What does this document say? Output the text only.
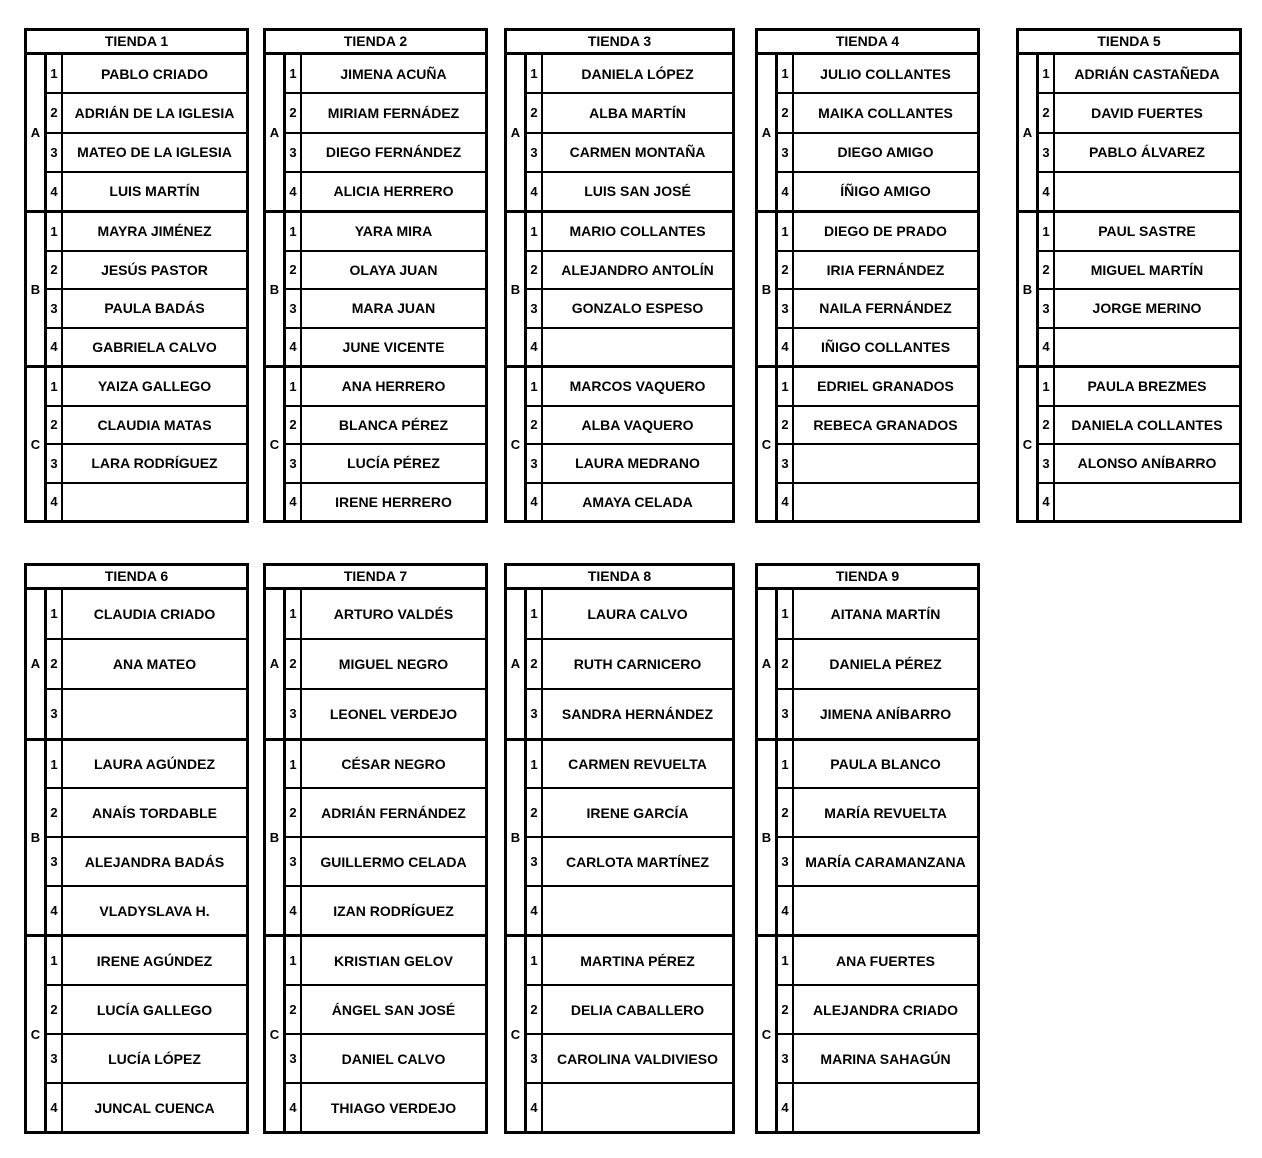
TIENDA 1
A
1	PABLO CRIADO
2	ADRIÁN DE LA IGLESIA
3	MATEO DE LA IGLESIA
4	LUIS MARTÍN
B
1	MAYRA JIMÉNEZ
2	JESÚS PASTOR
3	PAULA BADÁS
4	GABRIELA CALVO
C
1	YAIZA GALLEGO
2	CLAUDIA MATAS
3	LARA RODRÍGUEZ
4
TIENDA 2
A
1	JIMENA ACUÑA
2	MIRIAM FERNÁDEZ
3	DIEGO FERNÁNDEZ
4	ALICIA HERRERO
B
1	YARA MIRA
2	OLAYA JUAN
3	MARA JUAN
4	JUNE VICENTE
C
1	ANA HERRERO
2	BLANCA PÉREZ
3	LUCÍA PÉREZ
4	IRENE HERRERO
TIENDA 3
A
1	DANIELA LÓPEZ
2	ALBA MARTÍN
3	CARMEN MONTAÑA
4	LUIS SAN JOSÉ
B
1	MARIO COLLANTES
2	ALEJANDRO ANTOLÍN
3	GONZALO ESPESO
4
C
1	MARCOS VAQUERO
2	ALBA VAQUERO
3	LAURA MEDRANO
4	AMAYA CELADA
TIENDA 4
A
1	JULIO COLLANTES
2	MAIKA COLLANTES
3	DIEGO AMIGO
4	ÍÑIGO AMIGO
B
1	DIEGO DE PRADO
2	IRIA FERNÁNDEZ
3	NAILA FERNÁNDEZ
4	IÑIGO COLLANTES
C
1	EDRIEL GRANADOS
2	REBECA GRANADOS
3
4
TIENDA 5
A
1	ADRIÁN CASTAÑEDA
2	DAVID FUERTES
3	PABLO ÁLVAREZ
4
B
1	PAUL SASTRE
2	MIGUEL MARTÍN
3	JORGE MERINO
4
C
1	PAULA BREZMES
2	DANIELA COLLANTES
3	ALONSO ANÍBARRO
4
TIENDA 6
A
1	CLAUDIA CRIADO
2	ANA MATEO
3
B
1	LAURA AGÚNDEZ
2	ANAÍS TORDABLE
3	ALEJANDRA BADÁS
4	VLADYSLAVA H.
C
1	IRENE AGÚNDEZ
2	LUCÍA GALLEGO
3	LUCÍA LÓPEZ
4	JUNCAL CUENCA
TIENDA 7
A
1	ARTURO VALDÉS
2	MIGUEL NEGRO
3	LEONEL VERDEJO
B
1	CÉSAR NEGRO
2	ADRIÁN FERNÁNDEZ
3	GUILLERMO CELADA
4	IZAN RODRÍGUEZ
C
1	KRISTIAN GELOV
2	ÁNGEL SAN JOSÉ
3	DANIEL CALVO
4	THIAGO VERDEJO
TIENDA 8
A
1	LAURA CALVO
2	RUTH CARNICERO
3	SANDRA HERNÁNDEZ
B
1	CARMEN REVUELTA
2	IRENE GARCÍA
3	CARLOTA MARTÍNEZ
4
C
1	MARTINA PÉREZ
2	DELIA CABALLERO
3	CAROLINA VALDIVIESO
4
TIENDA 9
A
1	AITANA MARTÍN
2	DANIELA PÉREZ
3	JIMENA ANÍBARRO
B
1	PAULA BLANCO
2	MARÍA REVUELTA
3	MARÍA CARAMANZANA
4
C
1	ANA FUERTES
2	ALEJANDRA CRIADO
3	MARINA SAHAGÚN
4
